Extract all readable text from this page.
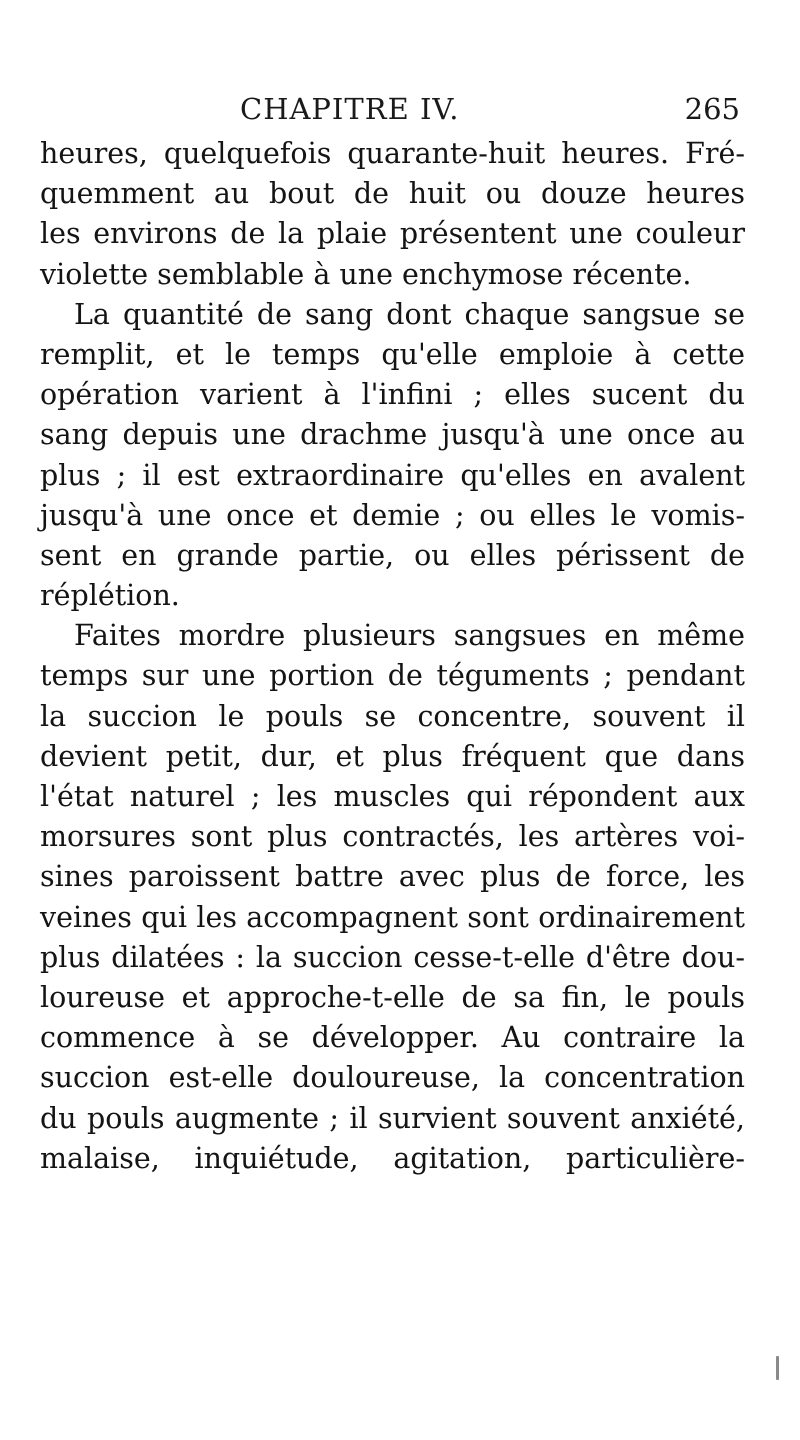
CHAPITRE IV.	265
heures, quelquefois quarante-huit heures. Fré-
quemment au bout de huit ou douze heures
les environs de la plaie présentent une couleur
violette semblable à une enchymose récente.
La quantité de sang dont chaque sangsue se
remplit, et le temps qu'elle emploie à cette
opération varient à l'infini ; elles sucent du
sang depuis une drachme jusqu'à une once au
plus ; il est extraordinaire qu'elles en avalent
jusqu'à une once et demie ; ou elles le vomis-
sent en grande partie, ou elles périssent de
réplétion.
Faites mordre plusieurs sangsues en même
temps sur une portion de téguments ; pendant
la succion le pouls se concentre, souvent il
devient petit, dur, et plus fréquent que dans
l'état naturel ; les muscles qui répondent aux
morsures sont plus contractés, les artères voi-
sines paroissent battre avec plus de force, les
veines qui les accompagnent sont ordinairement
plus dilatées : la succion cesse-t-elle d'être dou-
loureuse et approche-t-elle de sa fin, le pouls
commence à se développer. Au contraire la
succion est-elle douloureuse, la concentration
du pouls augmente ; il survient souvent anxiété,
malaise, inquiétude, agitation, particulière-
